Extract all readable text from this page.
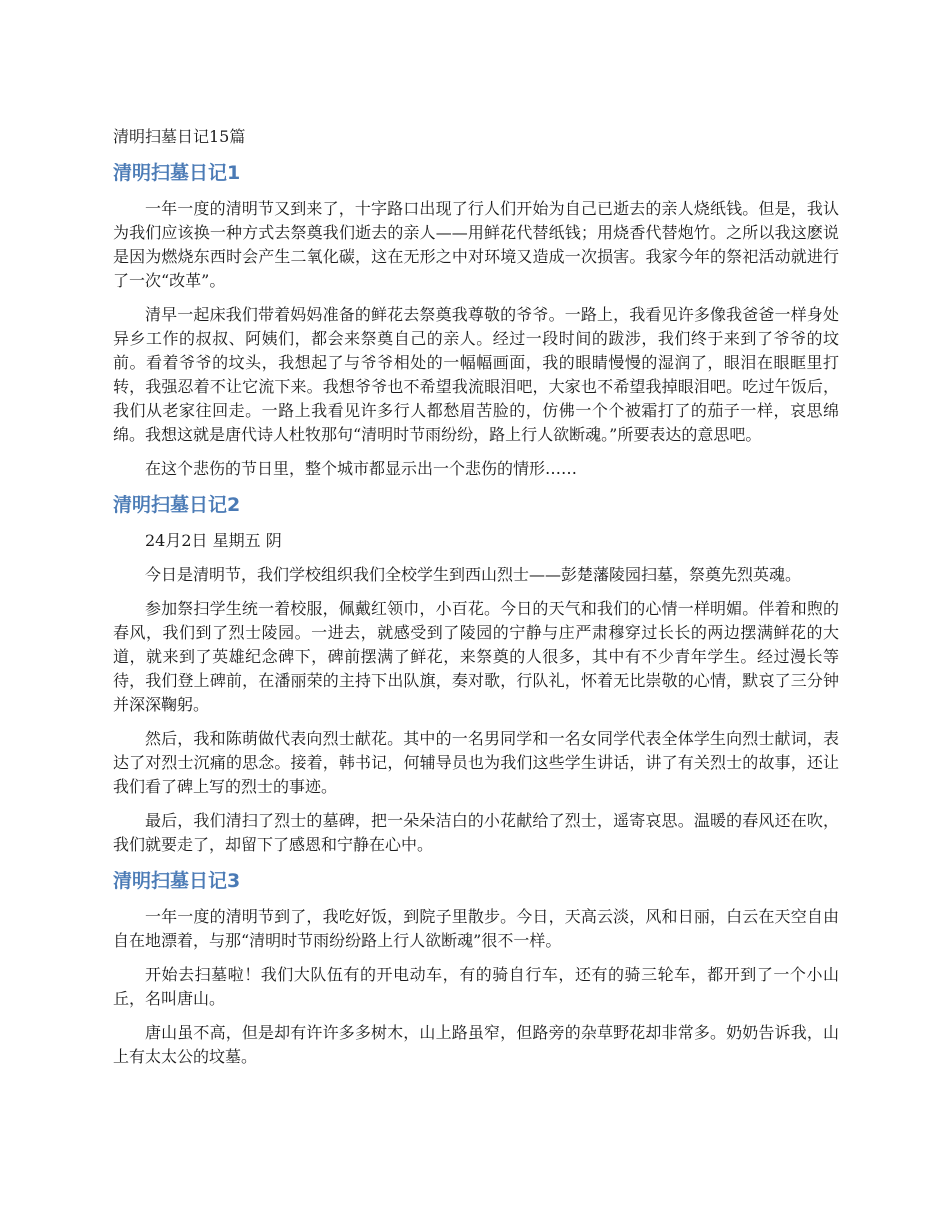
清明扫墓日记15篇
清明扫墓日记1

一年一度的清明节又到来了，十字路口出现了行人们开始为自己已逝去的亲人烧纸钱。但是，我认为我们应该换一种方式去祭奠我们逝去的亲人——用鲜花代替纸钱；用烧香代替炮竹。之所以我这麽说是因为燃烧东西时会产生二氧化碳，这在无形之中对环境又造成一次损害。我家今年的祭祀活动就进行了一次“改革”。

清早一起床我们带着妈妈准备的鲜花去祭奠我尊敬的爷爷。一路上，我看见许多像我爸爸一样身处异乡工作的叔叔、阿姨们，都会来祭奠自己的亲人。经过一段时间的跋涉，我们终于来到了爷爷的坟前。看着爷爷的坟头，我想起了与爷爷相处的一幅幅画面，我的眼睛慢慢的湿润了，眼泪在眼眶里打转，我强忍着不让它流下来。我想爷爷也不希望我流眼泪吧，大家也不希望我掉眼泪吧。吃过午饭后，我们从老家往回走。一路上我看见许多行人都愁眉苦脸的，仿佛一个个被霜打了的茄子一样，哀思绵绵。我想这就是唐代诗人杜牧那句“清明时节雨纷纷，路上行人欲断魂。”所要表达的意思吧。

在这个悲伤的节日里，整个城市都显示出一个悲伤的情形……

清明扫墓日记2

24月2日 星期五 阴

今日是清明节，我们学校组织我们全校学生到西山烈士——彭楚藩陵园扫墓，祭奠先烈英魂。

参加祭扫学生统一着校服，佩戴红领巾，小百花。今日的天气和我们的心情一样明媚。伴着和煦的春风，我们到了烈士陵园。一进去，就感受到了陵园的宁静与庄严肃穆穿过长长的两边摆满鲜花的大道，就来到了英雄纪念碑下，碑前摆满了鲜花，来祭奠的人很多，其中有不少青年学生。经过漫长等待，我们登上碑前，在潘丽荣的主持下出队旗，奏对歌，行队礼，怀着无比崇敬的心情，默哀了三分钟并深深鞠躬。

然后，我和陈萌做代表向烈士献花。其中的一名男同学和一名女同学代表全体学生向烈士献词，表达了对烈士沉痛的思念。接着，韩书记，何辅导员也为我们这些学生讲话，讲了有关烈士的故事，还让我们看了碑上写的烈士的事迹。

最后，我们清扫了烈士的墓碑，把一朵朵洁白的小花献给了烈士，遥寄哀思。温暖的春风还在吹，我们就要走了，却留下了感恩和宁静在心中。

清明扫墓日记3

一年一度的清明节到了，我吃好饭，到院子里散步。今日，天高云淡，风和日丽，白云在天空自由自在地漂着，与那“清明时节雨纷纷路上行人欲断魂”很不一样。

开始去扫墓啦！我们大队伍有的开电动车，有的骑自行车，还有的骑三轮车，都开到了一个小山丘，名叫唐山。

唐山虽不高，但是却有许许多多树木，山上路虽窄，但路旁的杂草野花却非常多。奶奶告诉我，山上有太太公的坟墓。
